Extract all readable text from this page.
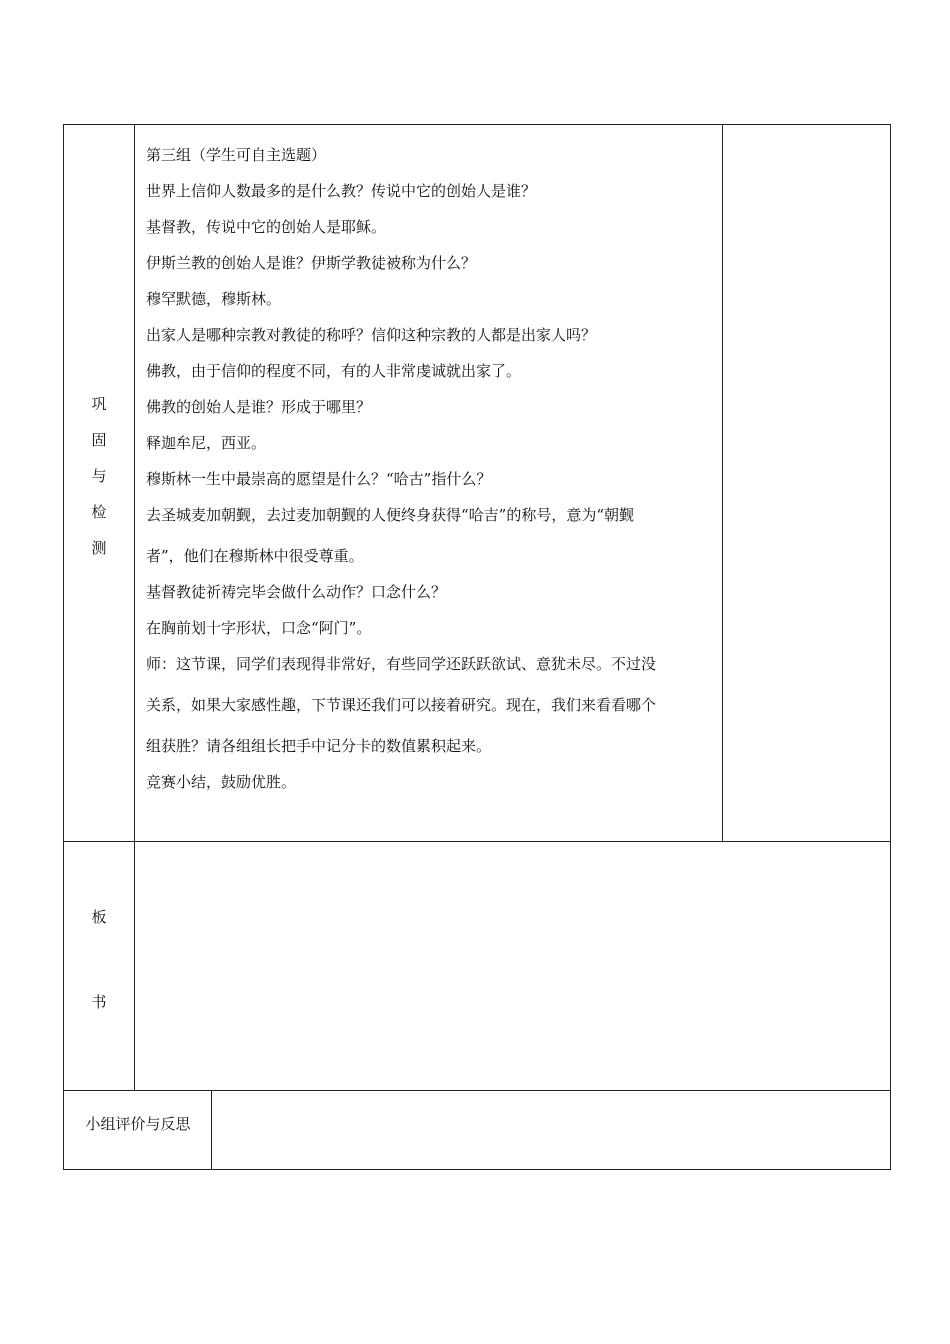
巩
固
与
检
测

第三组（学生可自主选题）

世界上信仰人数最多的是什么教？传说中它的创始人是谁？

基督教，传说中它的创始人是耶稣。

伊斯兰教的创始人是谁？伊斯学教徒被称为什么？

穆罕默德，穆斯林。

出家人是哪种宗教对教徒的称呼？信仰这种宗教的人都是出家人吗？

佛教，由于信仰的程度不同，有的人非常虔诚就出家了。

佛教的创始人是谁？形成于哪里？

释迦牟尼，西亚。

穆斯林一生中最崇高的愿望是什么？“哈古”指什么？

去圣城麦加朝觐，去过麦加朝觐的人便终身获得“哈吉”的称号，意为“朝觐

者”，他们在穆斯林中很受尊重。

基督教徒祈祷完毕会做什么动作？口念什么？

在胸前划十字形状，口念“阿门”。

师：这节课，同学们表现得非常好，有些同学还跃跃欲试、意犹未尽。不过没

关系，如果大家感性趣，下节课还我们可以接着研究。现在，我们来看看哪个

组获胜？请各组组长把手中记分卡的数值累积起来。

竞赛小结，鼓励优胜。

板
书
小组评价与反思
